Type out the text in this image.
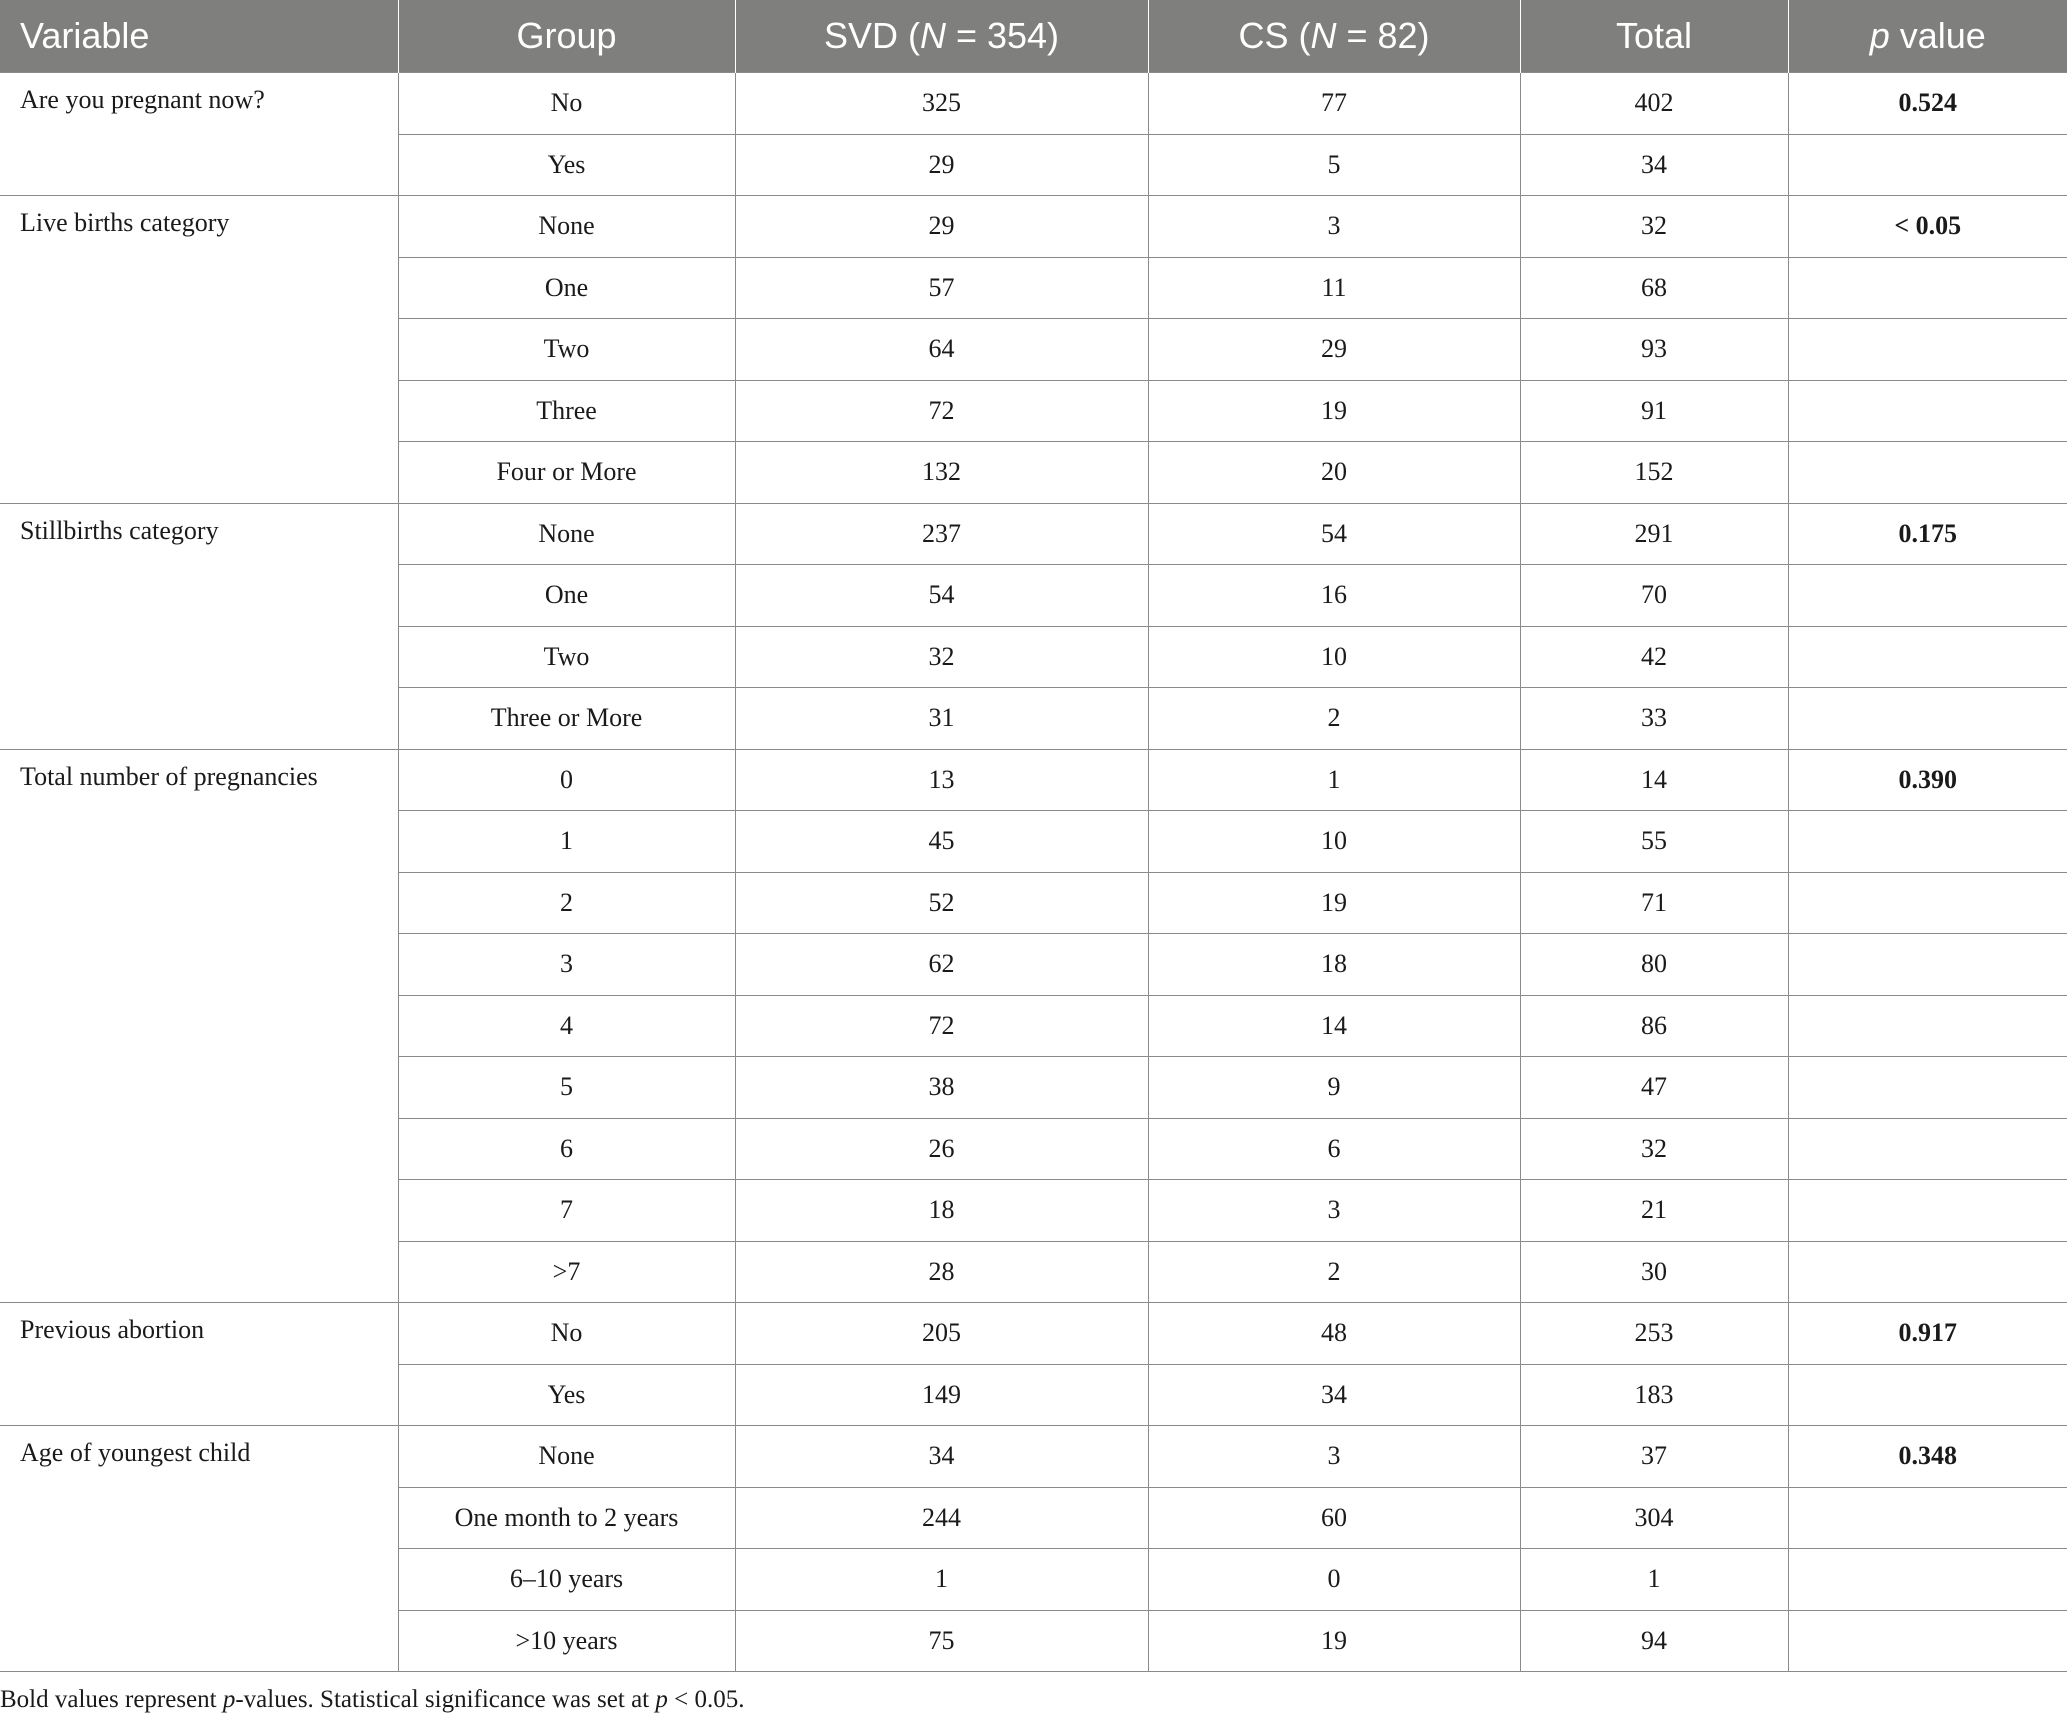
Variable	Group	SVD (N = 354)	CS (N = 82)	Total	p value
Are you pregnant now?	No	325	77	402	0.524
	Yes	29	5	34	
Live births category	None	29	3	32	< 0.05
	One	57	11	68	
	Two	64	29	93	
	Three	72	19	91	
	Four or More	132	20	152	
Stillbirths category	None	237	54	291	0.175
	One	54	16	70	
	Two	32	10	42	
	Three or More	31	2	33	
Total number of pregnancies	0	13	1	14	0.390
	1	45	10	55	
	2	52	19	71	
	3	62	18	80	
	4	72	14	86	
	5	38	9	47	
	6	26	6	32	
	7	18	3	21	
	>7	28	2	30	
Previous abortion	No	205	48	253	0.917
	Yes	149	34	183	
Age of youngest child	None	34	3	37	0.348
	One month to 2 years	244	60	304	
	6–10 years	1	0	1	
	>10 years	75	19	94	
Bold values represent p-values. Statistical significance was set at p < 0.05.
